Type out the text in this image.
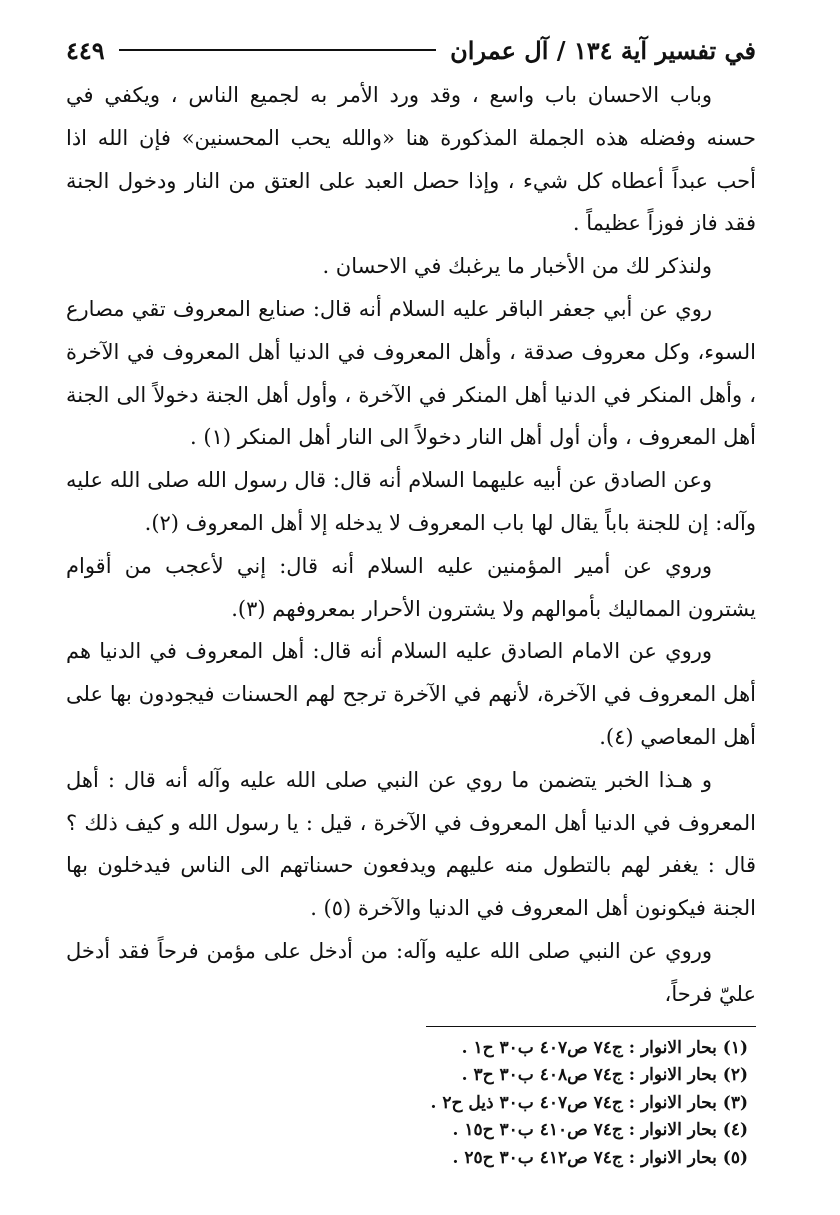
في تفسير آية ١٣٤ / آل عمران
٤٤٩

وباب الاحسان باب واسع ، وقد ورد الأمر به لجميع الناس ، ويكفي في حسنه وفضله هذه الجملة المذكورة هنا «والله يحب المحسنين» فإن الله اذا أحب عبداً أعطاه كل شيء ، وإذا حصل العبد على العتق من النار ودخول الجنة فقد فاز فوزاً عظيماً .

ولنذكر لك من الأخبار ما يرغبك في الاحسان .

روي عن أبي جعفر الباقر عليه السلام أنه قال: صنايع المعروف تقي مصارع السوء، وكل معروف صدقة ، وأهل المعروف في الدنيا أهل المعروف في الآخرة ، وأهل المنكر في الدنيا أهل المنكر في الآخرة ، وأول أهل الجنة دخولاً الى الجنة أهل المعروف ، وأن أول أهل النار دخولاً الى النار أهل المنكر (١) .

وعن الصادق عن أبيه عليهما السلام أنه قال: قال رسول الله صلى الله عليه وآله: إن للجنة باباً يقال لها باب المعروف لا يدخله إلا أهل المعروف (٢).

وروي عن أمير المؤمنين عليه السلام أنه قال: إني لأعجب من أقوام يشترون المماليك بأموالهم ولا يشترون الأحرار بمعروفهم (٣).

وروي عن الامام الصادق عليه السلام أنه قال: أهل المعروف في الدنيا هم أهل المعروف في الآخرة، لأنهم في الآخرة ترجح لهم الحسنات فيجودون بها على أهل المعاصي (٤).

و هـذا الخبر يتضمن ما روي عن النبي صلى الله عليه وآله أنه قال : أهل المعروف في الدنيا أهل المعروف في الآخرة ، قيل : يا رسول الله و كيف ذلك ؟ قال : يغفر لهم بالتطول منه عليهم ويدفعون حسناتهم الى الناس فيدخلون بها الجنة فيكونون أهل المعروف في الدنيا والآخرة (٥) .

وروي عن النبي صلى الله عليه وآله: من أدخل على مؤمن فرحاً فقد أدخل عليّ فرحاً،

(١) بحار الانوار : ج٧٤ ص٤٠٧ ب٣٠ ح١ .
(٢) بحار الانوار : ج٧٤ ص٤٠٨ ب٣٠ ح٣ .
(٣) بحار الانوار : ج٧٤ ص٤٠٧ ب٣٠ ذيل ح٢ .
(٤) بحار الانوار : ج٧٤ ص٤١٠ ب٣٠ ح١٥ .
(٥) بحار الانوار : ج٧٤ ص٤١٢ ب٣٠ ح٢٥ .
